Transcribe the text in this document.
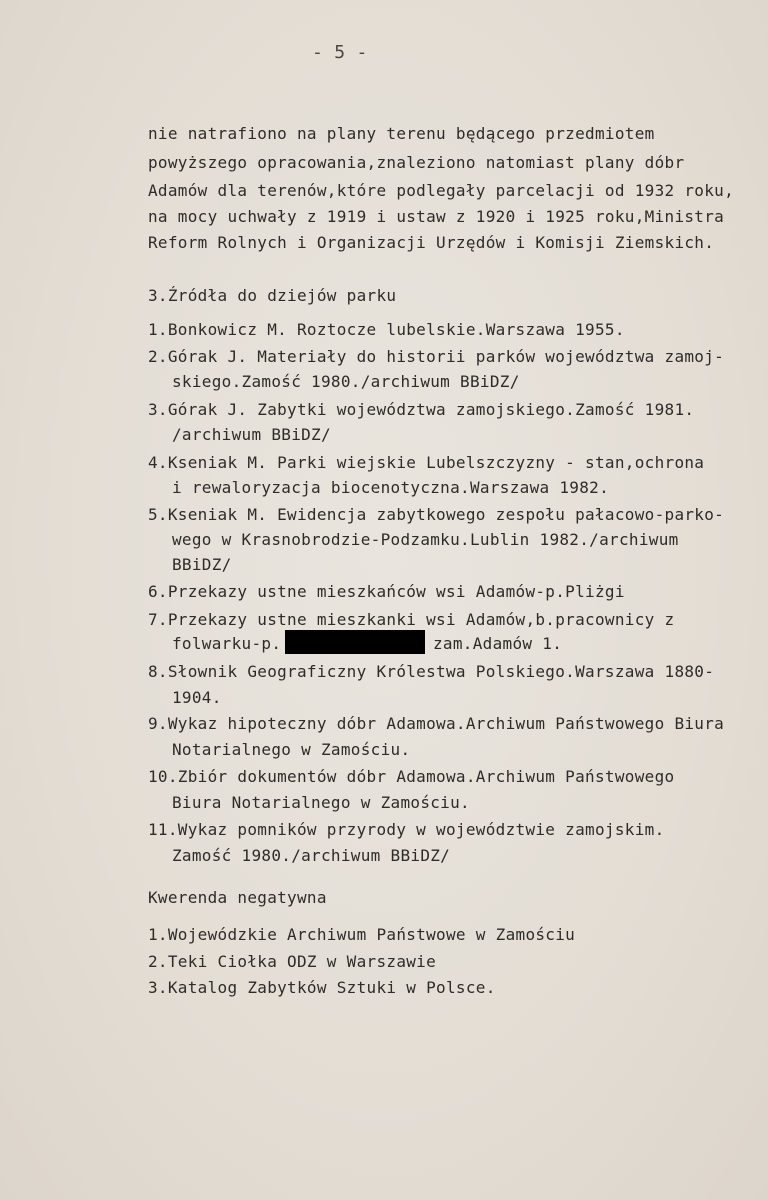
- 5 -
nie natrafiono na plany terenu będącego przedmiotem
powyższego opracowania,znaleziono natomiast plany dóbr
Adamów dla terenów,które podlegały parcelacji od 1932 roku,
na mocy uchwały z 1919 i ustaw z 1920 i 1925 roku,Ministra
Reform Rolnych i Organizacji Urzędów i Komisji Ziemskich.
3.Źródła do dziejów parku
1.Bonkowicz M. Roztocze lubelskie.Warszawa 1955.
2.Górak J. Materiały do historii parków województwa zamoj-
skiego.Zamość 1980./archiwum BBiDZ/
3.Górak J. Zabytki województwa zamojskiego.Zamość 1981.
/archiwum BBiDZ/
4.Kseniak M. Parki wiejskie Lubelszczyzny - stan,ochrona
i rewaloryzacja biocenotyczna.Warszawa 1982.
5.Kseniak M. Ewidencja zabytkowego zespołu pałacowo-parko-
wego w Krasnobrodzie-Podzamku.Lublin 1982./archiwum
BBiDZ/
6.Przekazy ustne mieszkańców wsi Adamów-p.Pliżgi
7.Przekazy ustne mieszkanki wsi Adamów,b.pracownicy z
folwarku-p.	zam.Adamów 1.
8.Słownik Geograficzny Królestwa Polskiego.Warszawa 1880-
1904.
9.Wykaz hipoteczny dóbr Adamowa.Archiwum Państwowego Biura
Notarialnego w Zamościu.
10.Zbiór dokumentów dóbr Adamowa.Archiwum Państwowego
Biura Notarialnego w Zamościu.
11.Wykaz pomników przyrody w województwie zamojskim.
Zamość 1980./archiwum BBiDZ/
Kwerenda negatywna
1.Wojewódzkie Archiwum Państwowe w Zamościu
2.Teki Ciołka ODZ w Warszawie
3.Katalog Zabytków Sztuki w Polsce.
